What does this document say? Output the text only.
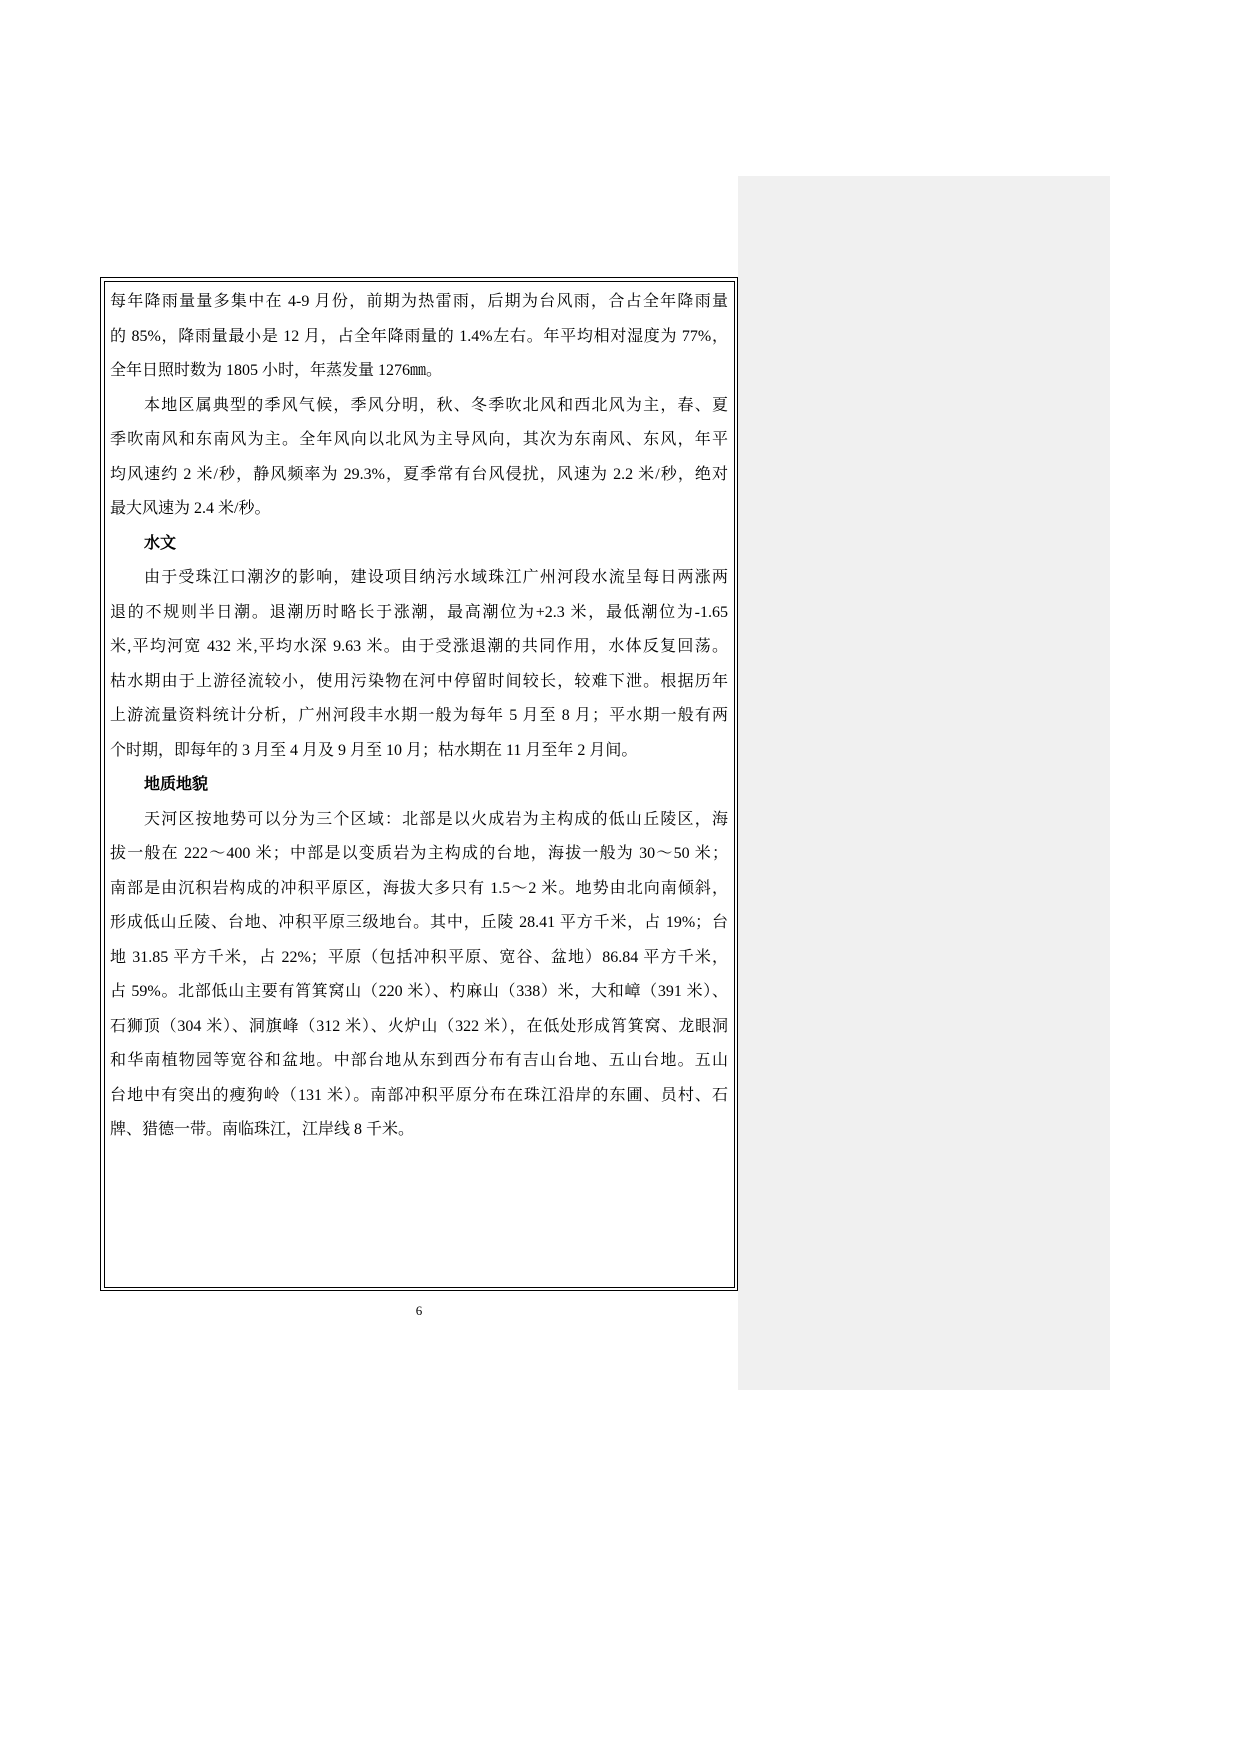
每年降雨量量多集中在 4-9 月份，前期为热雷雨，后期为台风雨，合占全年降雨量
的 85%，降雨量最小是 12 月，占全年降雨量的 1.4%左右。年平均相对湿度为 77%，
全年日照时数为 1805 小时，年蒸发量 1276㎜。
本地区属典型的季风气候，季风分明，秋、冬季吹北风和西北风为主，春、夏
季吹南风和东南风为主。全年风向以北风为主导风向，其次为东南风、东风，年平
均风速约 2 米/秒，静风频率为 29.3%，夏季常有台风侵扰，风速为 2.2 米/秒，绝对
最大风速为 2.4 米/秒。
水文
由于受珠江口潮汐的影响，建设项目纳污水域珠江广州河段水流呈每日两涨两
退的不规则半日潮。退潮历时略长于涨潮，最高潮位为+2.3 米，最低潮位为-1.65
米,平均河宽 432 米,平均水深 9.63 米。由于受涨退潮的共同作用，水体反复回荡。
枯水期由于上游径流较小，使用污染物在河中停留时间较长，较难下泄。根据历年
上游流量资料统计分析，广州河段丰水期一般为每年 5 月至 8 月；平水期一般有两
个时期，即每年的 3 月至 4 月及 9 月至 10 月；枯水期在 11 月至年 2 月间。
地质地貌
天河区按地势可以分为三个区域：北部是以火成岩为主构成的低山丘陵区，海
拔一般在 222～400 米；中部是以变质岩为主构成的台地，海拔一般为 30～50 米；
南部是由沉积岩构成的冲积平原区，海拔大多只有 1.5～2 米。地势由北向南倾斜，
形成低山丘陵、台地、冲积平原三级地台。其中，丘陵 28.41 平方千米，占 19%；台
地 31.85 平方千米，占 22%；平原（包括冲积平原、宽谷、盆地）86.84 平方千米，
占 59%。北部低山主要有筲箕窝山（220 米）、杓麻山（338）米，大和嶂（391 米）、
石狮顶（304 米）、洞旗峰（312 米）、火炉山（322 米），在低处形成筲箕窝、龙眼洞
和华南植物园等宽谷和盆地。中部台地从东到西分布有吉山台地、五山台地。五山
台地中有突出的瘦狗岭（131 米）。南部冲积平原分布在珠江沿岸的东圃、员村、石
牌、猎德一带。南临珠江，江岸线 8 千米。
6
